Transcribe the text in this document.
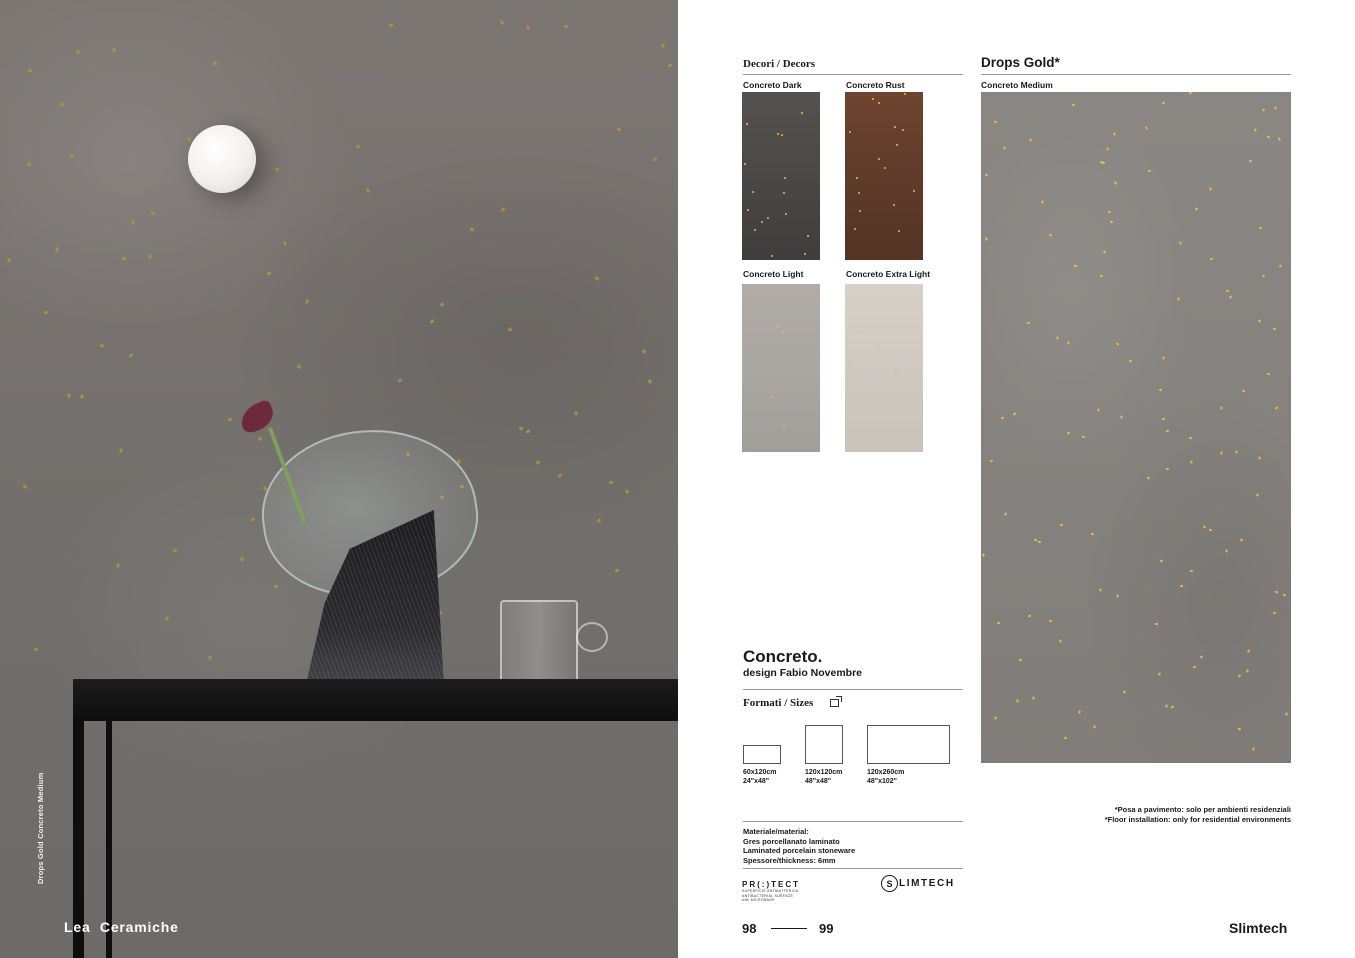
Drops Gold Concreto Medium
Lea  Ceramiche
Decori / Decors	Drops Gold*
Concreto Dark	Concreto Rust
Concreto Light	Concreto Extra Light
Concreto Medium
Concreto.
design Fabio Novembre
Formati / Sizes
60x120cm
24"x48"
120x120cm
48"x48"
120x260cm
48"x102"
Materiale/material:
Gres porcellanato laminato
Laminated porcelain stoneware
Spessore/thickness: 6mm
PR(:)TECT
SUPERFICIE ANTIBATTERICA
ANTIBACTERIAL SURFACE
with MICROBAN®
S LIMTECH
*Posa a pavimento: solo per ambienti residenziali
*Floor installation: only for residential environments
98	99	Slimtech
